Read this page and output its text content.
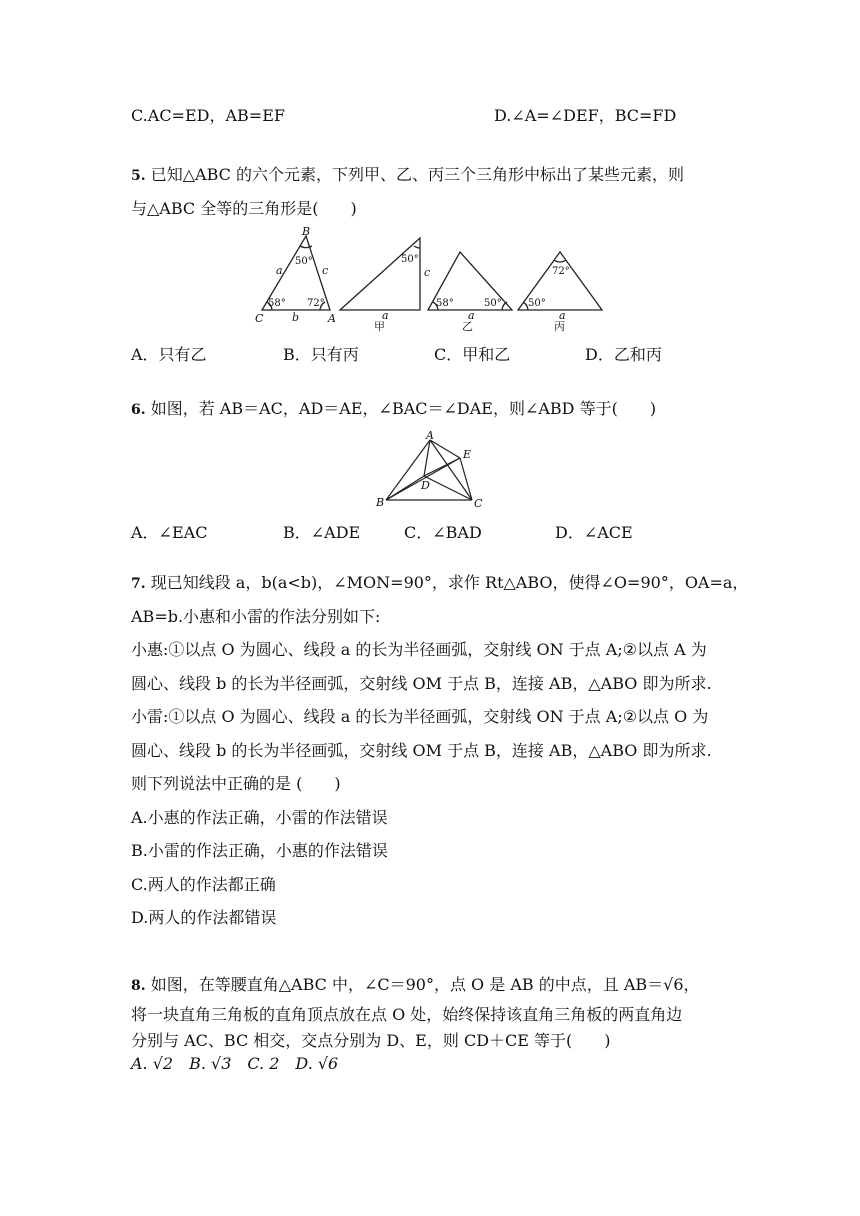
C.AC=ED，AB=EF	D.∠A=∠DEF，BC=FD
5. 已知△ABC 的六个元素，下列甲、乙、丙三个三角形中标出了某些元素，则
与△ABC 全等的三角形是(　　)
B
C	A
a	c
b
c
a	a	a
50°
58° 72°
50°
58°	50°
72°
50°
甲	乙	丙
A．只有乙	B．只有丙	C．甲和乙	D．乙和丙
6. 如图，若 AB＝AC，AD＝AE，∠BAC＝∠DAE，则∠ABD 等于(　　)
A
B	C
D
E
A．∠EAC	B．∠ADE	C．∠BAD	D．∠ACE
7. 现已知线段 a，b(a<b)，∠MON=90°，求作 Rt△ABO，使得∠O=90°，OA=a，
AB=b.小惠和小雷的作法分别如下:
小惠:①以点 O 为圆心、线段 a 的长为半径画弧，交射线 ON 于点 A;②以点 A 为
圆心、线段 b 的长为半径画弧，交射线 OM 于点 B，连接 AB，△ABO 即为所求.
小雷:①以点 O 为圆心、线段 a 的长为半径画弧，交射线 ON 于点 A;②以点 O 为
圆心、线段 b 的长为半径画弧，交射线 OM 于点 B，连接 AB，△ABO 即为所求.
则下列说法中正确的是 (　　)
A.小惠的作法正确，小雷的作法错误
B.小雷的作法正确，小惠的作法错误
C.两人的作法都正确
D.两人的作法都错误
8. 如图，在等腰直角△ABC 中，∠C＝90°，点 O 是 AB 的中点，且 AB＝√6，
将一块直角三角板的直角顶点放在点 O 处，始终保持该直角三角板的两直角边
分别与 AC、BC 相交，交点分别为 D、E，则 CD＋CE 等于(　　)
A. √2　B. √3　C. 2　D. √6
